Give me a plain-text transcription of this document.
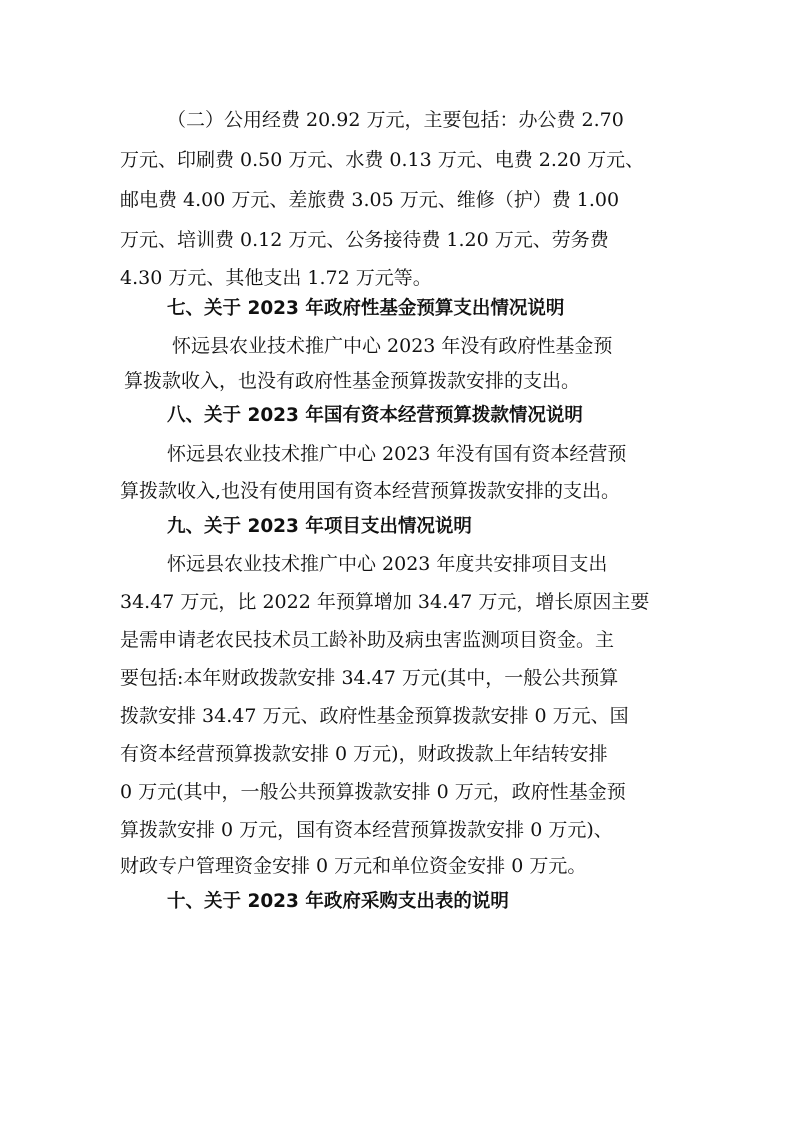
（二）公用经费 20.92 万元，主要包括：办公费 2.70
万元、印刷费 0.50 万元、水费 0.13 万元、电费 2.20 万元、
邮电费 4.00 万元、差旅费 3.05 万元、维修（护）费 1.00
万元、培训费 0.12 万元、公务接待费 1.20 万元、劳务费
4.30 万元、其他支出 1.72 万元等。
七、关于 2023 年政府性基金预算支出情况说明
怀远县农业技术推广中心 2023 年没有政府性基金预
算拨款收入，也没有政府性基金预算拨款安排的支出。
八、关于 2023 年国有资本经营预算拨款情况说明
怀远县农业技术推广中心 2023 年没有国有资本经营预
算拨款收入,也没有使用国有资本经营预算拨款安排的支出。
九、关于 2023 年项目支出情况说明
怀远县农业技术推广中心 2023 年度共安排项目支出
34.47 万元，比 2022 年预算增加 34.47 万元，增长原因主要
是需申请老农民技术员工龄补助及病虫害监测项目资金。主
要包括:本年财政拨款安排 34.47 万元(其中，一般公共预算
拨款安排 34.47 万元、政府性基金预算拨款安排 0 万元、国
有资本经营预算拨款安排 0 万元)，财政拨款上年结转安排
0 万元(其中，一般公共预算拨款安排 0 万元，政府性基金预
算拨款安排 0 万元，国有资本经营预算拨款安排 0 万元)、
财政专户管理资金安排 0 万元和单位资金安排 0 万元。
十、关于 2023 年政府采购支出表的说明
